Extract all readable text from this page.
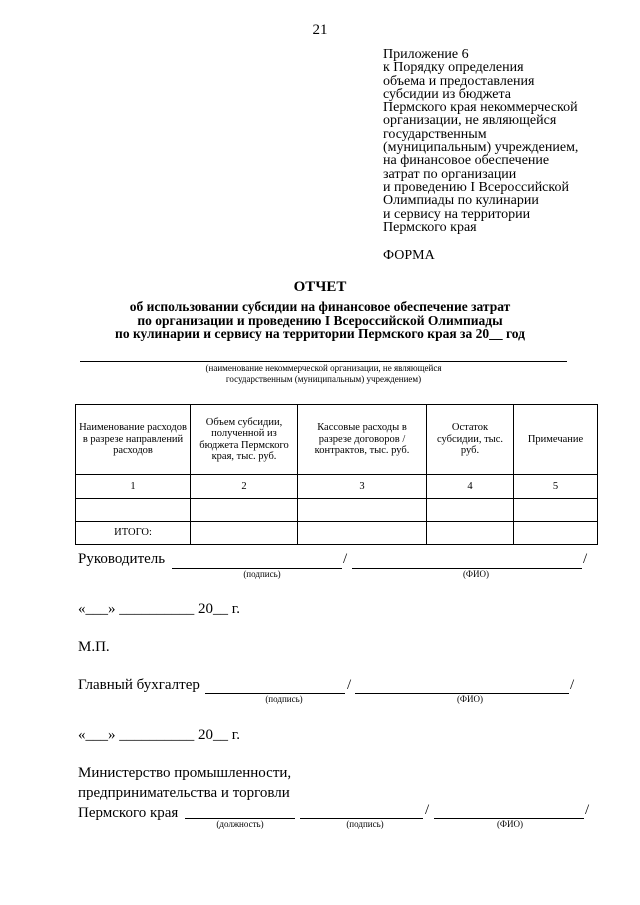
21
Приложение 6
к Порядку определения
объема и предоставления
субсидии из бюджета
Пермского края некоммерческой
организации, не являющейся
государственным
(муниципальным) учреждением,
на финансовое обеспечение
затрат по организации
и проведению I Всероссийской
Олимпиады по кулинарии
и сервису на территории
Пермского края
ФОРМА
ОТЧЕТ
об использовании субсидии на финансовое обеспечение затрат
по организации и проведению I Всероссийской Олимпиады
по кулинарии и сервису на территории Пермского края за 20__ год
(наименование некоммерческой организации, не являющейся
государственным (муниципальным) учреждением)
Наименование расходов в разрезе направлений расходов	Объем субсидии, полученной из бюджета Пермского края, тыс. руб.	Кассовые расходы в разрезе договоров / контрактов, тыс. руб.	Остаток субсидии, тыс. руб.	Примечание
1	2	3	4	5

ИТОГО:				
Руководитель	/	/
(подпись)	(ФИО)
«___» __________ 20__ г.
М.П.
Главный бухгалтер	/	/
(подпись)	(ФИО)
«___» __________ 20__ г.
Министерство промышленности,
предпринимательства и торговли
Пермского края	/	/
(должность)	(подпись)	(ФИО)
